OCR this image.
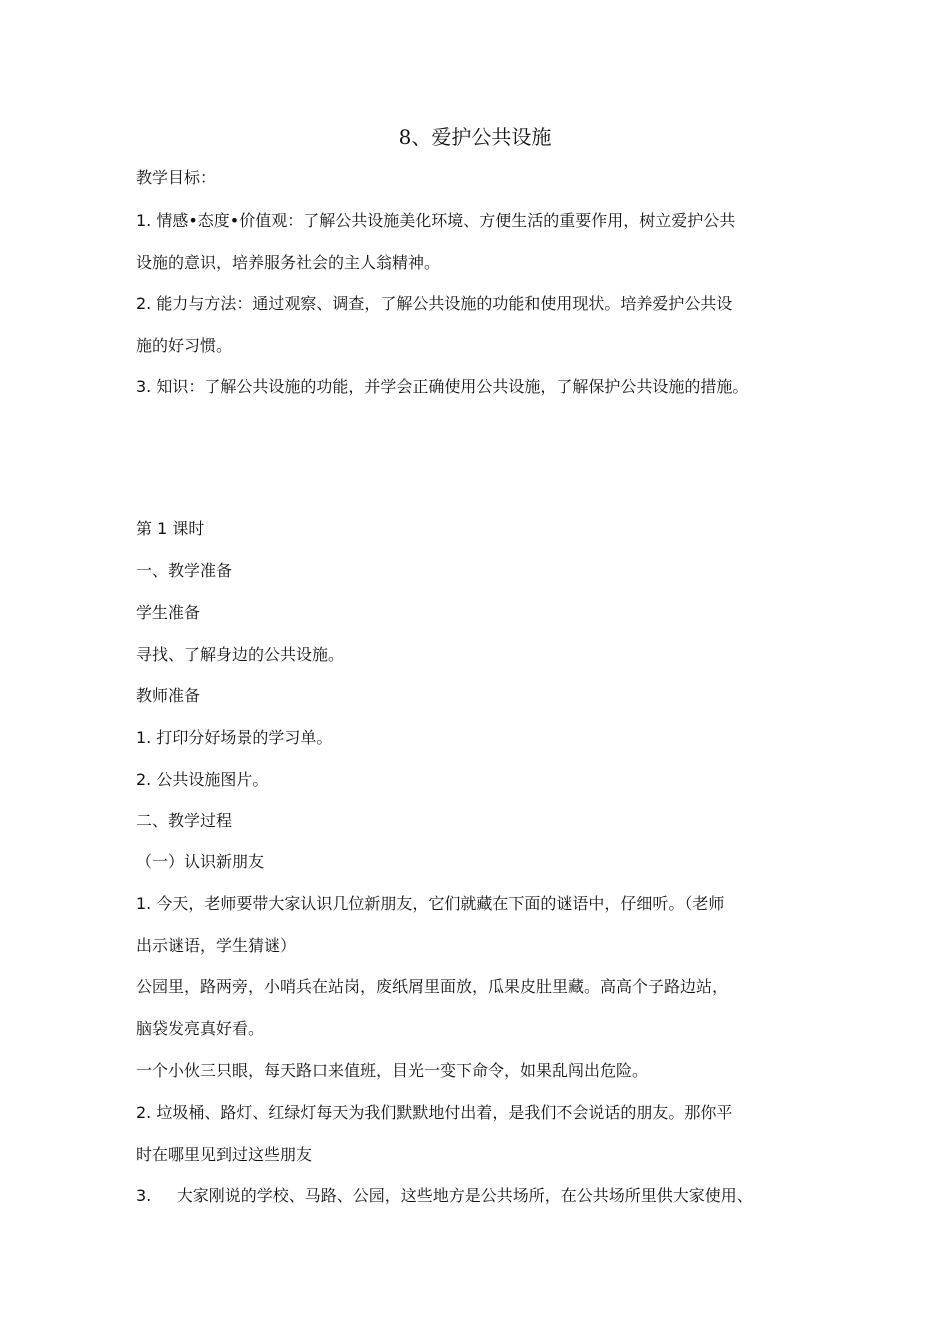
8、爱护公共设施
教学目标：
1. 情感•态度•价值观：了解公共设施美化环境、方便生活的重要作用，树立爱护公共
设施的意识，培养服务社会的主人翁精神。
2. 能力与方法：通过观察、调查，了解公共设施的功能和使用现状。培养爱护公共设
施的好习惯。
3. 知识：了解公共设施的功能，并学会正确使用公共设施，了解保护公共设施的措施。
第 1 课时
一、教学准备
学生准备
寻找、了解身边的公共设施。
教师准备
1. 打印分好场景的学习单。
2. 公共设施图片。
二、教学过程
（一）认识新朋友
1. 今天，老师要带大家认识几位新朋友，它们就藏在下面的谜语中，仔细听。（老师
出示谜语，学生猜谜）
公园里，路两旁，小哨兵在站岗，废纸屑里面放，瓜果皮肚里藏。高高个子路边站，
脑袋发亮真好看。
一个小伙三只眼，每天路口来值班，目光一变下命令，如果乱闯出危险。
2. 垃圾桶、路灯、红绿灯每天为我们默默地付出着，是我们不会说话的朋友。那你平
时在哪里见到过这些朋友
3.     大家刚说的学校、马路、公园，这些地方是公共场所，在公共场所里供大家使用、
